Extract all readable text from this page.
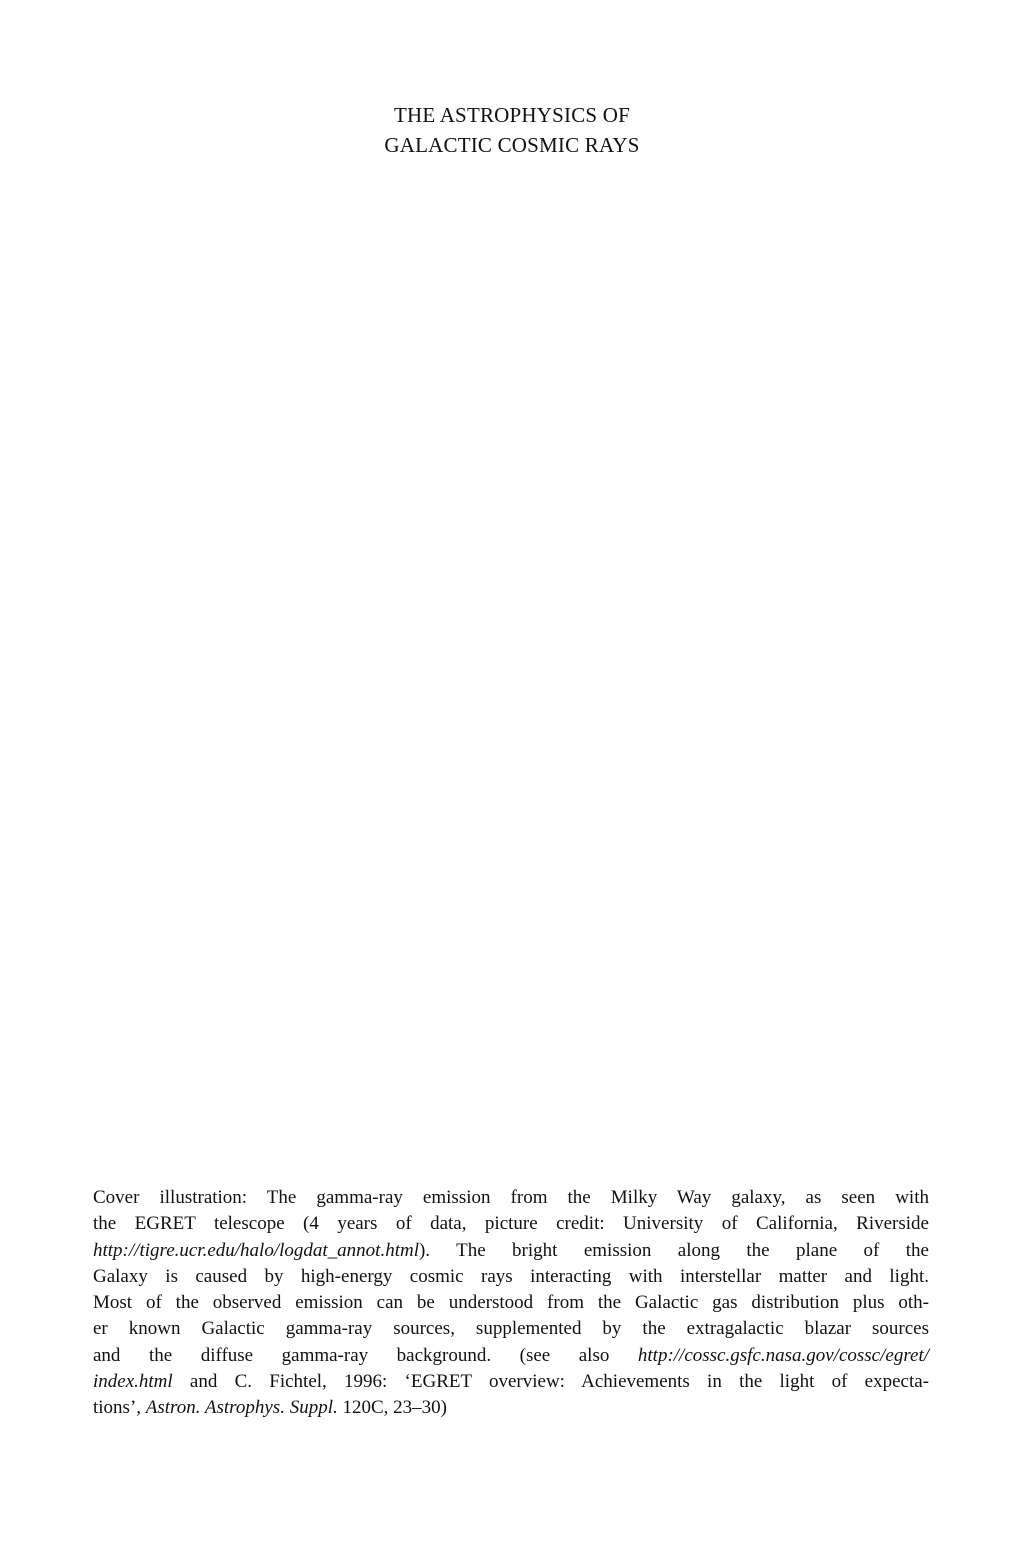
THE ASTROPHYSICS OF
GALACTIC COSMIC RAYS
Cover illustration: The gamma-ray emission from the Milky Way galaxy, as seen with
the EGRET telescope (4 years of data, picture credit: University of California, Riverside
http://tigre.ucr.edu/halo/logdat_annot.html). The bright emission along the plane of the
Galaxy is caused by high-energy cosmic rays interacting with interstellar matter and light.
Most of the observed emission can be understood from the Galactic gas distribution plus oth-
er known Galactic gamma-ray sources, supplemented by the extragalactic blazar sources
and the diffuse gamma-ray background. (see also http://cossc.gsfc.nasa.gov/cossc/egret/
index.html and C. Fichtel, 1996: ‘EGRET overview: Achievements in the light of expecta-
tions’, Astron. Astrophys. Suppl. 120C, 23–30)
